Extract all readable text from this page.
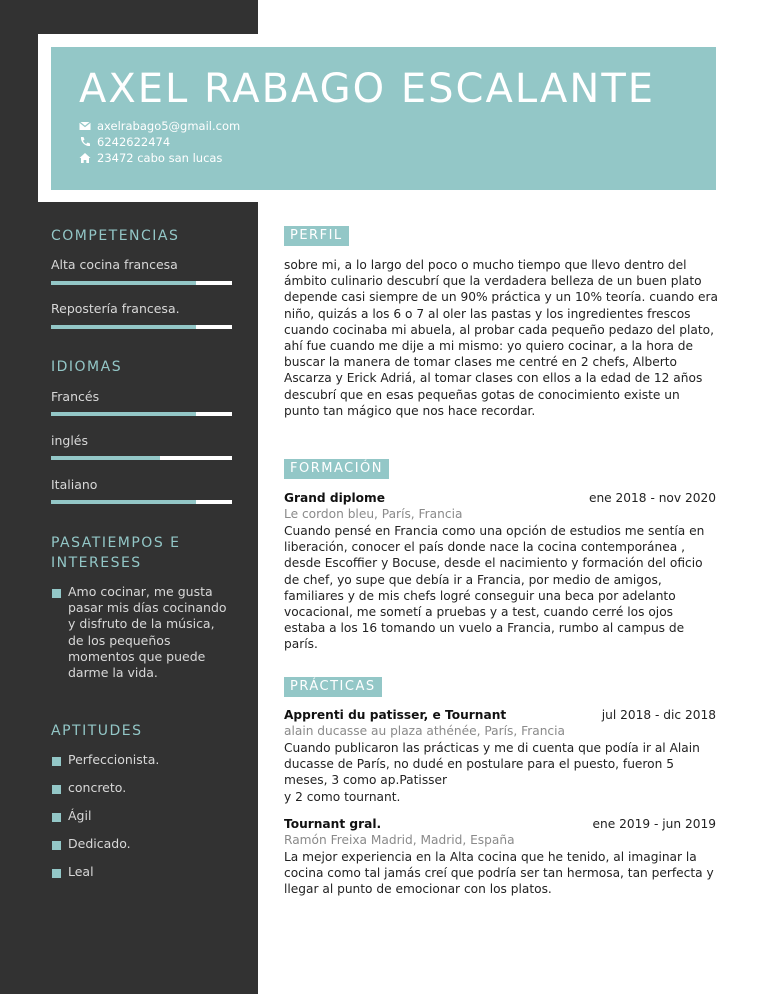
AXEL RABAGO ESCALANTE
axelrabago5@gmail.com
6242622474
23472 cabo san lucas
COMPETENCIAS
Alta cocina francesa
Repostería francesa.
IDIOMAS
Francés
inglés
Italiano
PASATIEMPOS E
INTERESES
Amo cocinar, me gusta pasar mis días cocinando y disfruto de la música, de los pequeños momentos que puede darme la vida.
APTITUDES
Perfeccionista.
concreto.
Ágil
Dedicado.
Leal
PERFIL
sobre mi, a lo largo del poco o mucho tiempo que llevo dentro del ámbito culinario descubrí que la verdadera belleza de un buen plato depende casi siempre de un 90% práctica y un 10% teoría. cuando era niño, quizás a los 6 o 7 al oler las pastas y los ingredientes frescos cuando cocinaba mi abuela, al probar cada pequeño pedazo del plato, ahí fue cuando me dije a mi mismo: yo quiero cocinar, a la hora de buscar la manera de tomar clases me centré en 2 chefs, Alberto Ascarza y Erick Adriá, al tomar clases con ellos a la edad de 12 años descubrí que en esas pequeñas gotas de conocimiento existe un punto tan mágico que nos hace recordar.
FORMACIÓN
Grand diplome	ene 2018 - nov 2020
Le cordon bleu, París, Francia
Cuando pensé en Francia como una opción de estudios me sentía en liberación, conocer el país donde nace la cocina contemporánea , desde Escoffier y Bocuse, desde el nacimiento y formación del oficio de chef, yo supe que debía ir a Francia, por medio de amigos, familiares y de mis chefs logré conseguir una beca por adelanto vocacional, me sometí a pruebas y a test, cuando cerré los ojos estaba a los 16 tomando un vuelo a Francia, rumbo al campus de parís.
PRÁCTICAS
Apprenti du patisser, e Tournant	jul 2018 - dic 2018
alain ducasse au plaza athénée, París, Francia
Cuando publicaron las prácticas y me di cuenta que podía ir al Alain ducasse de París, no dudé en postulare para el puesto, fueron 5 meses, 3 como ap.Patisser
y 2 como tournant.
Tournant gral.	ene 2019 - jun 2019
Ramón Freixa Madrid, Madrid, España
La mejor experiencia en la Alta cocina que he tenido, al imaginar la cocina como tal jamás creí que podría ser tan hermosa, tan perfecta y llegar al punto de emocionar con los platos.
